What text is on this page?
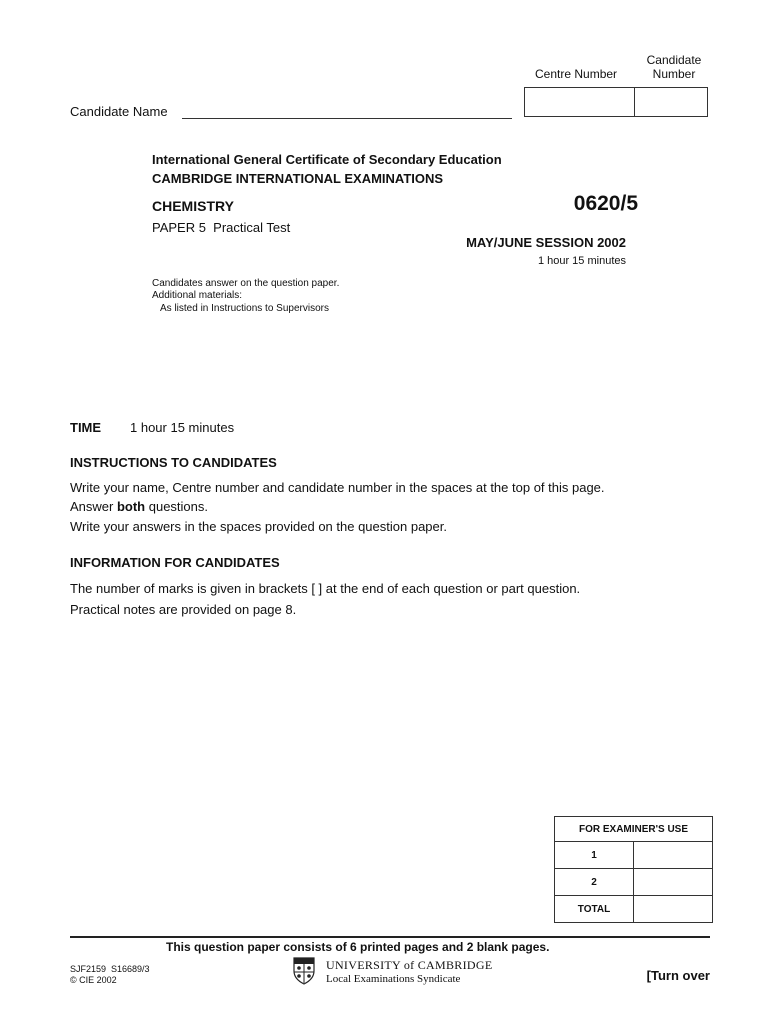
Centre Number
Candidate
Number
Candidate Name
International General Certificate of Secondary Education
CAMBRIDGE INTERNATIONAL EXAMINATIONS
CHEMISTRY	0620/5
PAPER 5  Practical Test
MAY/JUNE SESSION 2002
1 hour 15 minutes
Candidates answer on the question paper.
Additional materials:
As listed in Instructions to Supervisors
TIME 1 hour 15 minutes
INSTRUCTIONS TO CANDIDATES
Write your name, Centre number and candidate number in the spaces at the top of this page.
Answer both questions.
Write your answers in the spaces provided on the question paper.
INFORMATION FOR CANDIDATES
The number of marks is given in brackets [ ] at the end of each question or part question.
Practical notes are provided on page 8.
FOR EXAMINER'S USE	
1	
2	
TOTAL	
This question paper consists of 6 printed pages and 2 blank pages.
SJF2159  S16689/3
© CIE 2002
UNIVERSITY of CAMBRIDGE
Local Examinations Syndicate	[Turn over
